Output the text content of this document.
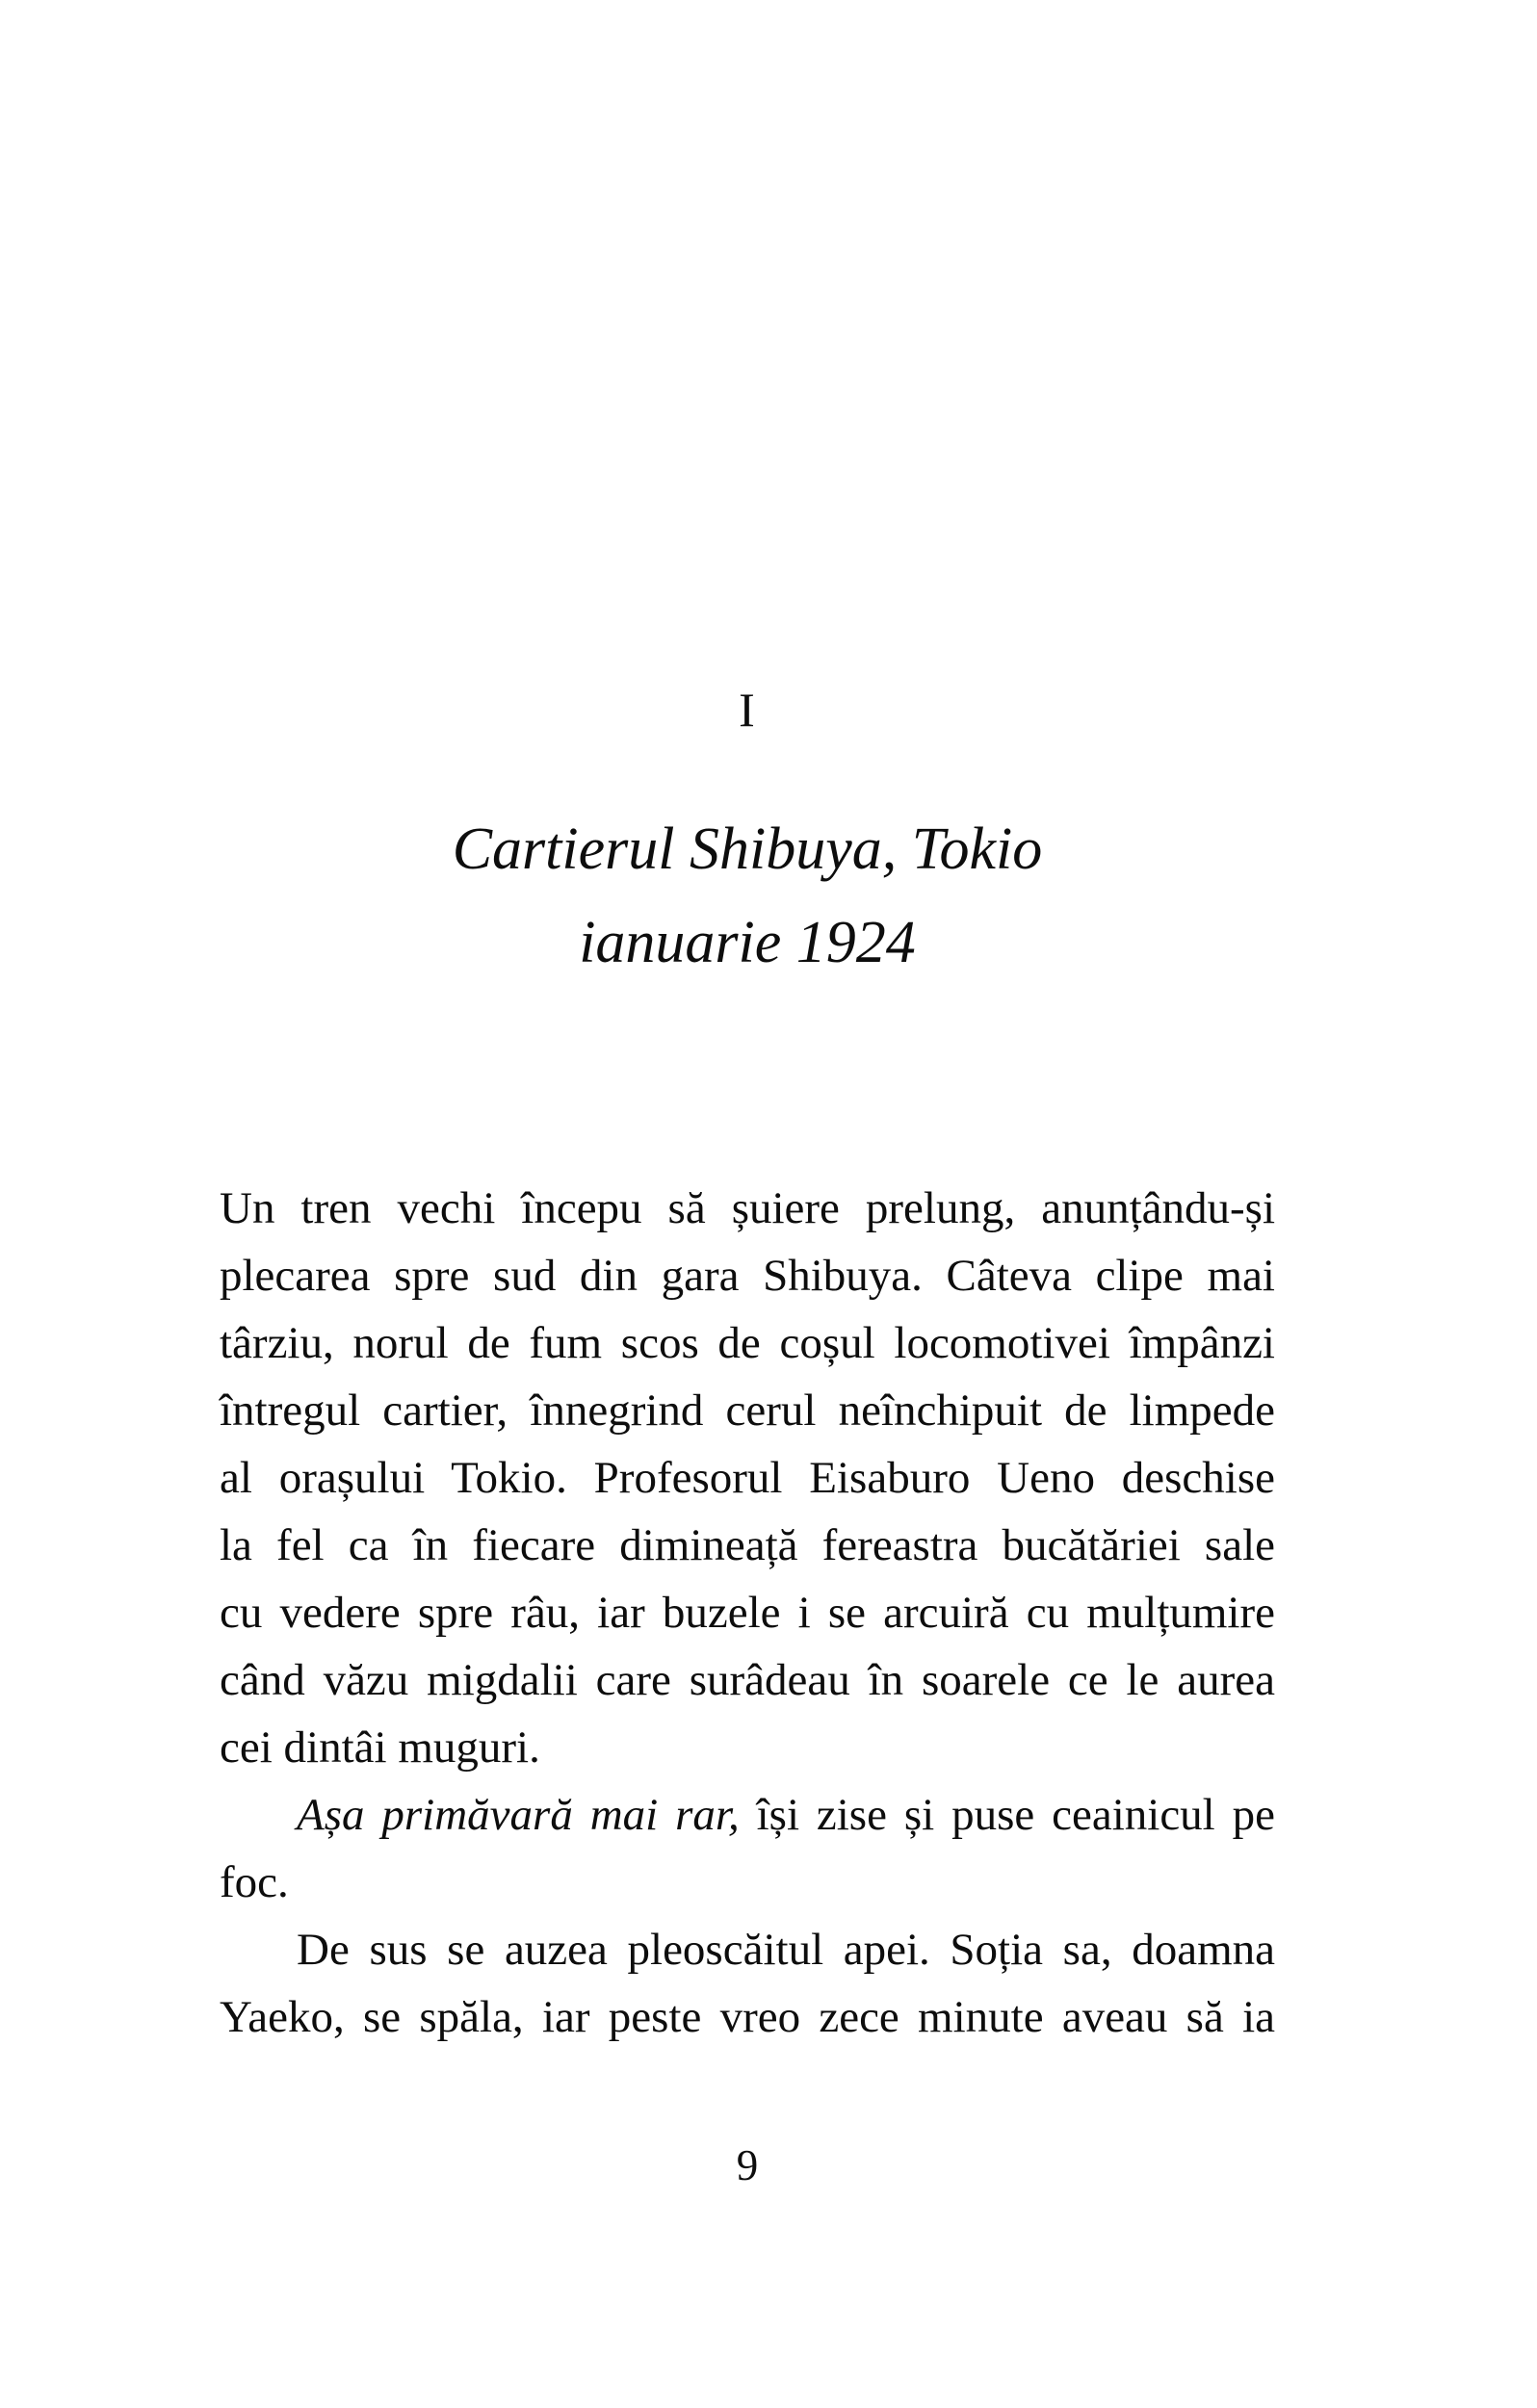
I
Cartierul Shibuya, Tokio
ianuarie 1924
Un tren vechi începu să șuiere prelung, anunțându-și
plecarea spre sud din gara Shibuya. Câteva clipe mai
târziu, norul de fum scos de coșul locomotivei împânzi
întregul cartier, înnegrind cerul neînchipuit de limpede
al orașului Tokio. Profesorul Eisaburo Ueno deschise
la fel ca în fiecare dimineață fereastra bucătăriei sale
cu vedere spre râu, iar buzele i se arcuiră cu mulțumire
când văzu migdalii care surâdeau în soarele ce le aurea
cei dintâi muguri.
Așa primăvară mai rar, își zise și puse ceainicul pe foc.
De sus se auzea pleoscăitul apei. Soția sa, doamna
Yaeko, se spăla, iar peste vreo zece minute aveau să ia
9
